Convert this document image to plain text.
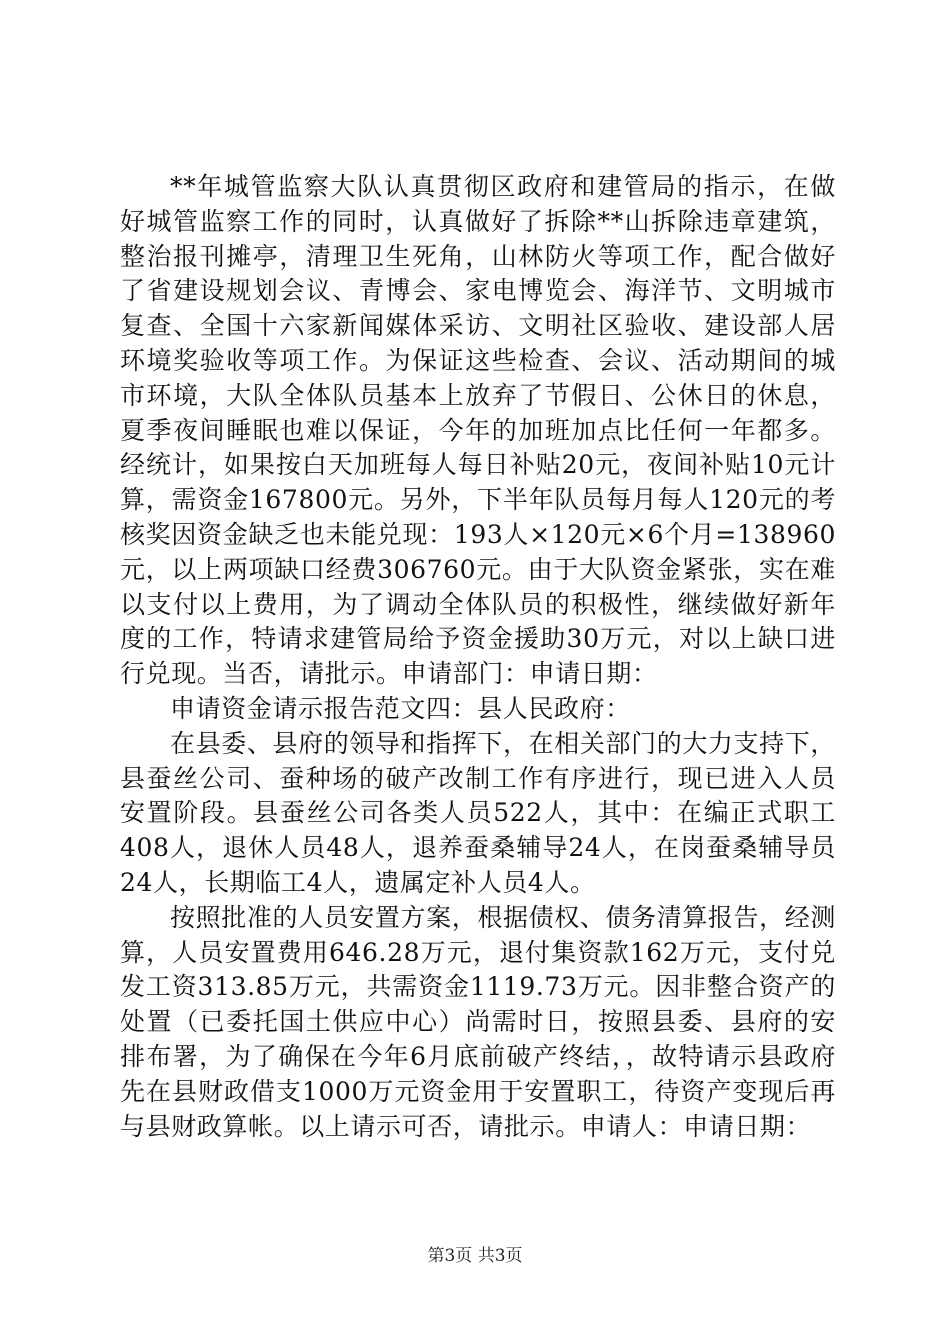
**年城管监察大队认真贯彻区政府和建管局的指示，在做好城管监察工作的同时，认真做好了拆除**山拆除违章建筑，整治报刊摊亭，清理卫生死角，山林防火等项工作，配合做好了省建设规划会议、青博会、家电博览会、海洋节、文明城市复查、全国十六家新闻媒体采访、文明社区验收、建设部人居环境奖验收等项工作。为保证这些检查、会议、活动期间的城市环境，大队全体队员基本上放弃了节假日、公休日的休息，夏季夜间睡眠也难以保证，今年的加班加点比任何一年都多。经统计，如果按白天加班每人每日补贴20元，夜间补贴10元计算，需资金167800元。另外，下半年队员每月每人120元的考核奖因资金缺乏也未能兑现：193人×120元×6个月=138960元，以上两项缺口经费306760元。由于大队资金紧张，实在难以支付以上费用，为了调动全体队员的积极性，继续做好新年度的工作，特请求建管局给予资金援助30万元，对以上缺口进行兑现。当否，请批示。申请部门：申请日期：

申请资金请示报告范文四：县人民政府：

在县委、县府的领导和指挥下，在相关部门的大力支持下，县蚕丝公司、蚕种场的破产改制工作有序进行，现已进入人员安置阶段。县蚕丝公司各类人员522人，其中：在编正式职工408人，退休人员48人，退养蚕桑辅导24人，在岗蚕桑辅导员24人，长期临工4人，遗属定补人员4人。

按照批准的人员安置方案，根据债权、债务清算报告，经测算，人员安置费用646.28万元，退付集资款162万元，支付兑发工资313.85万元，共需资金1119.73万元。因非整合资产的处置（已委托国土供应中心）尚需时日，按照县委、县府的安排布署，为了确保在今年6月底前破产终结，，故特请示县政府先在县财政借支1000万元资金用于安置职工，待资产变现后再与县财政算帐。以上请示可否，请批示。申请人：申请日期：

第3页 共3页
